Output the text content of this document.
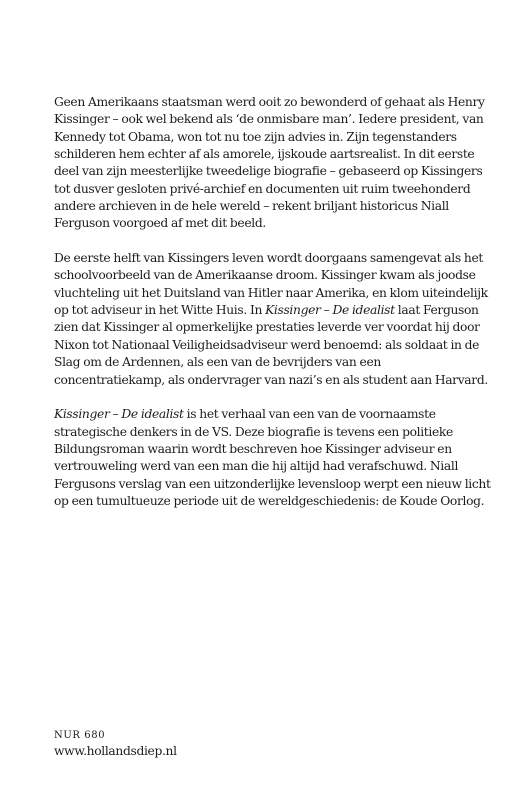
Geen Amerikaans staatsman werd ooit zo bewonderd of gehaat als Henry Kissinger – ook wel bekend als ‘de onmisbare man’. Iedere president, van Kennedy tot Obama, won tot nu toe zijn advies in. Zijn tegenstanders schilderen hem echter af als amorele, ijskoude aartsrealist. In dit eerste deel van zijn meesterlijke tweedelige biografie – gebaseerd op Kissingers tot dusver gesloten privé-archief en documenten uit ruim tweehonderd andere archieven in de hele wereld – rekent briljant historicus Niall Ferguson voorgoed af met dit beeld.

De eerste helft van Kissingers leven wordt doorgaans samengevat als het schoolvoorbeeld van de Amerikaanse droom. Kissinger kwam als joodse vluchteling uit het Duitsland van Hitler naar Amerika, en klom uiteindelijk op tot adviseur in het Witte Huis. In Kissinger – De idealist laat Ferguson zien dat Kissinger al opmerkelijke prestaties leverde ver voordat hij door Nixon tot Nationaal Veiligheidsadviseur werd benoemd: als soldaat in de Slag om de Ardennen, als een van de bevrijders van een concentratiekamp, als ondervrager van nazi’s en als student aan Harvard.

Kissinger – De idealist is het verhaal van een van de voornaamste strategische denkers in de VS. Deze biografie is tevens een politieke Bildungsroman waarin wordt beschreven hoe Kissinger adviseur en vertrouweling werd van een man die hij altijd had verafschuwd. Niall Fergusons verslag van een uitzonderlijke levensloop werpt een nieuw licht op een tumultueuze periode uit de wereldgeschiedenis: de Koude Oorlog.

NUR 680
www.hollandsdiep.nl
